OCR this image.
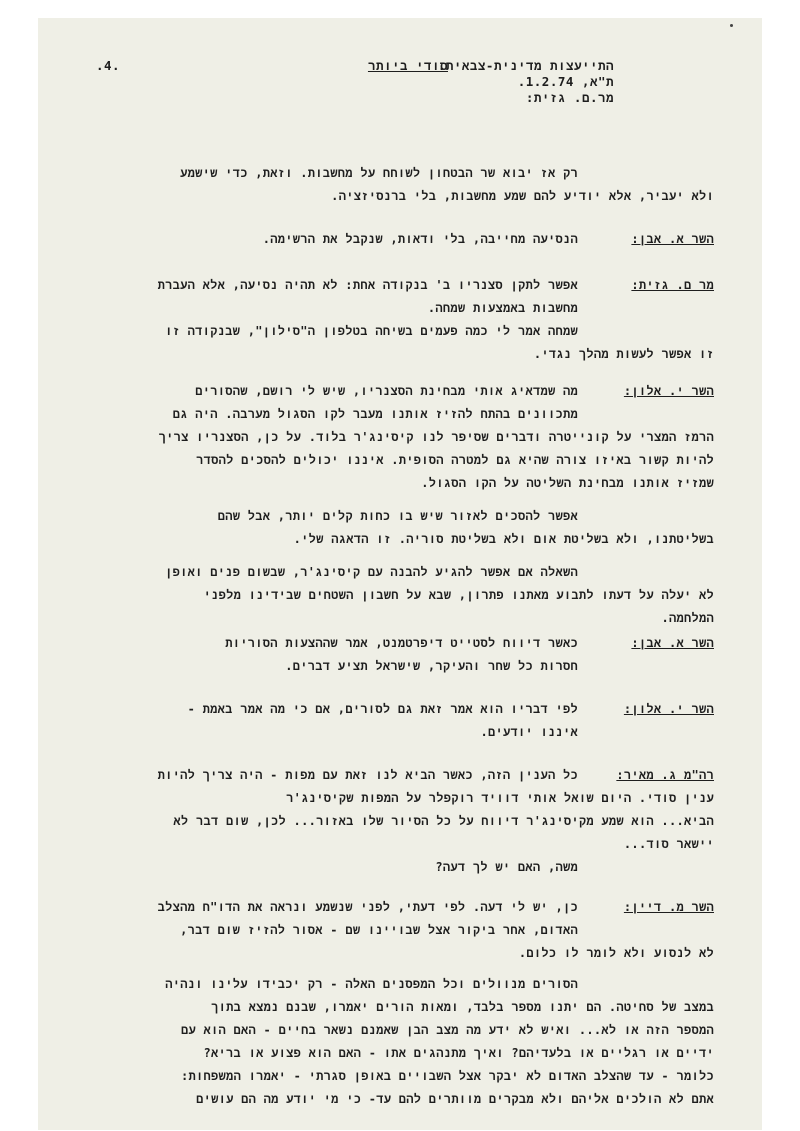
התייעצות מדינית-צבאית.
ת"א, 1.2.74.
מר.ם. גזית:
סודי ביותר
.4.
רק אז יבוא שר הבטחון לשוחח על מחשבות. וזאת, כדי שישמע
ולא יעביר, אלא יודיע להם שמע מחשבות, בלי ברנסיזציה.
השר א. אבן:
הנסיעה מחייבה, בלי ודאות, שנקבל את הרשימה.
מר ם. גזית:
אפשר לתקן סצנריו ב' בנקודה אחת: לא תהיה נסיעה, אלא העברת
מחשבות באמצעות שמחה.
שמחה אמר לי כמה פעמים בשיחה בטלפון ה"סילון", שבנקודה זו
זו אפשר לעשות מהלך נגדי.
השר י. אלון:
מה שמדאיג אותי מבחינת הסצנריו, שיש לי רושם, שהסורים
מתכוונים בהתח להזיז אותנו מעבר לקו הסגול מערבה. היה גם
הרמז המצרי על קונייטרה ודברים שסיפר לנו קיסינג'ר בלוד. על כן, הסצנריו צריך
להיות קשור באיזו צורה שהיא גם למטרה הסופית. איננו יכולים להסכים להסדר
שמזיז אותנו מבחינת השליטה על הקו הסגול.
אפשר להסכים לאזור שיש בו כחות קלים יותר, אבל שהם
בשליטתנו, ולא בשליטת אום ולא בשליטת סוריה. זו הדאגה שלי.
השאלה אם אפשר להגיע להבנה עם קיסינג'ר, שבשום פנים ואופן
לא יעלה על דעתו לתבוע מאתנו פתרון, שבא על חשבון השטחים שבידינו מלפני
המלחמה.
השר א. אבן:
כאשר דיווח לסטייט דיפרטמנט, אמר שההצעות הסוריות
חסרות כל שחר והעיקר, שישראל תציע דברים.
השר י. אלון:
לפי דבריו הוא אמר זאת גם לסורים, אם כי מה אמר באמת -
איננו יודעים.
רה"מ ג. מאיר:
כל הענין הזה, כאשר הביא לנו זאת עם מפות - היה צריך להיות
ענין סודי. היום שואל אותי דוויד רוקפלר על המפות שקיסינג'ר
הביא... הוא שמע מקיסינג'ר דיווח על כל הסיור שלו באזור... לכן, שום דבר לא
יישאר סוד...
משה, האם יש לך דעה?
השר מ. דיין:
כן, יש לי דעה. לפי דעתי, לפני שנשמע ונראה את הדו"ח מהצלב
האדום, אחר ביקור אצל שבויינו שם - אסור להזיז שום דבר,
לא לנסוע ולא לומר לו כלום.
הסורים מנוולים וכל המפסנים האלה - רק יכבידו עלינו ונהיה
במצב של סחיטה. הם יתנו מספר בלבד, ומאות הורים יאמרו, שבנם נמצא בתוך
המספר הזה או לא... ואיש לא ידע מה מצב הבן שאמנם נשאר בחיים - האם הוא עם
ידיים או רגליים או בלעדיהם? ואיך מתנהגים אתו - האם הוא פצוע או בריא?
כלומר - עד שהצלב האדום לא יבקר אצל השבויים באופן סגרתי - יאמרו המשפחות:
אתם לא הולכים אליהם ולא מבקרים מוותרים להם עד- כי מי יודע מה הם עושים
